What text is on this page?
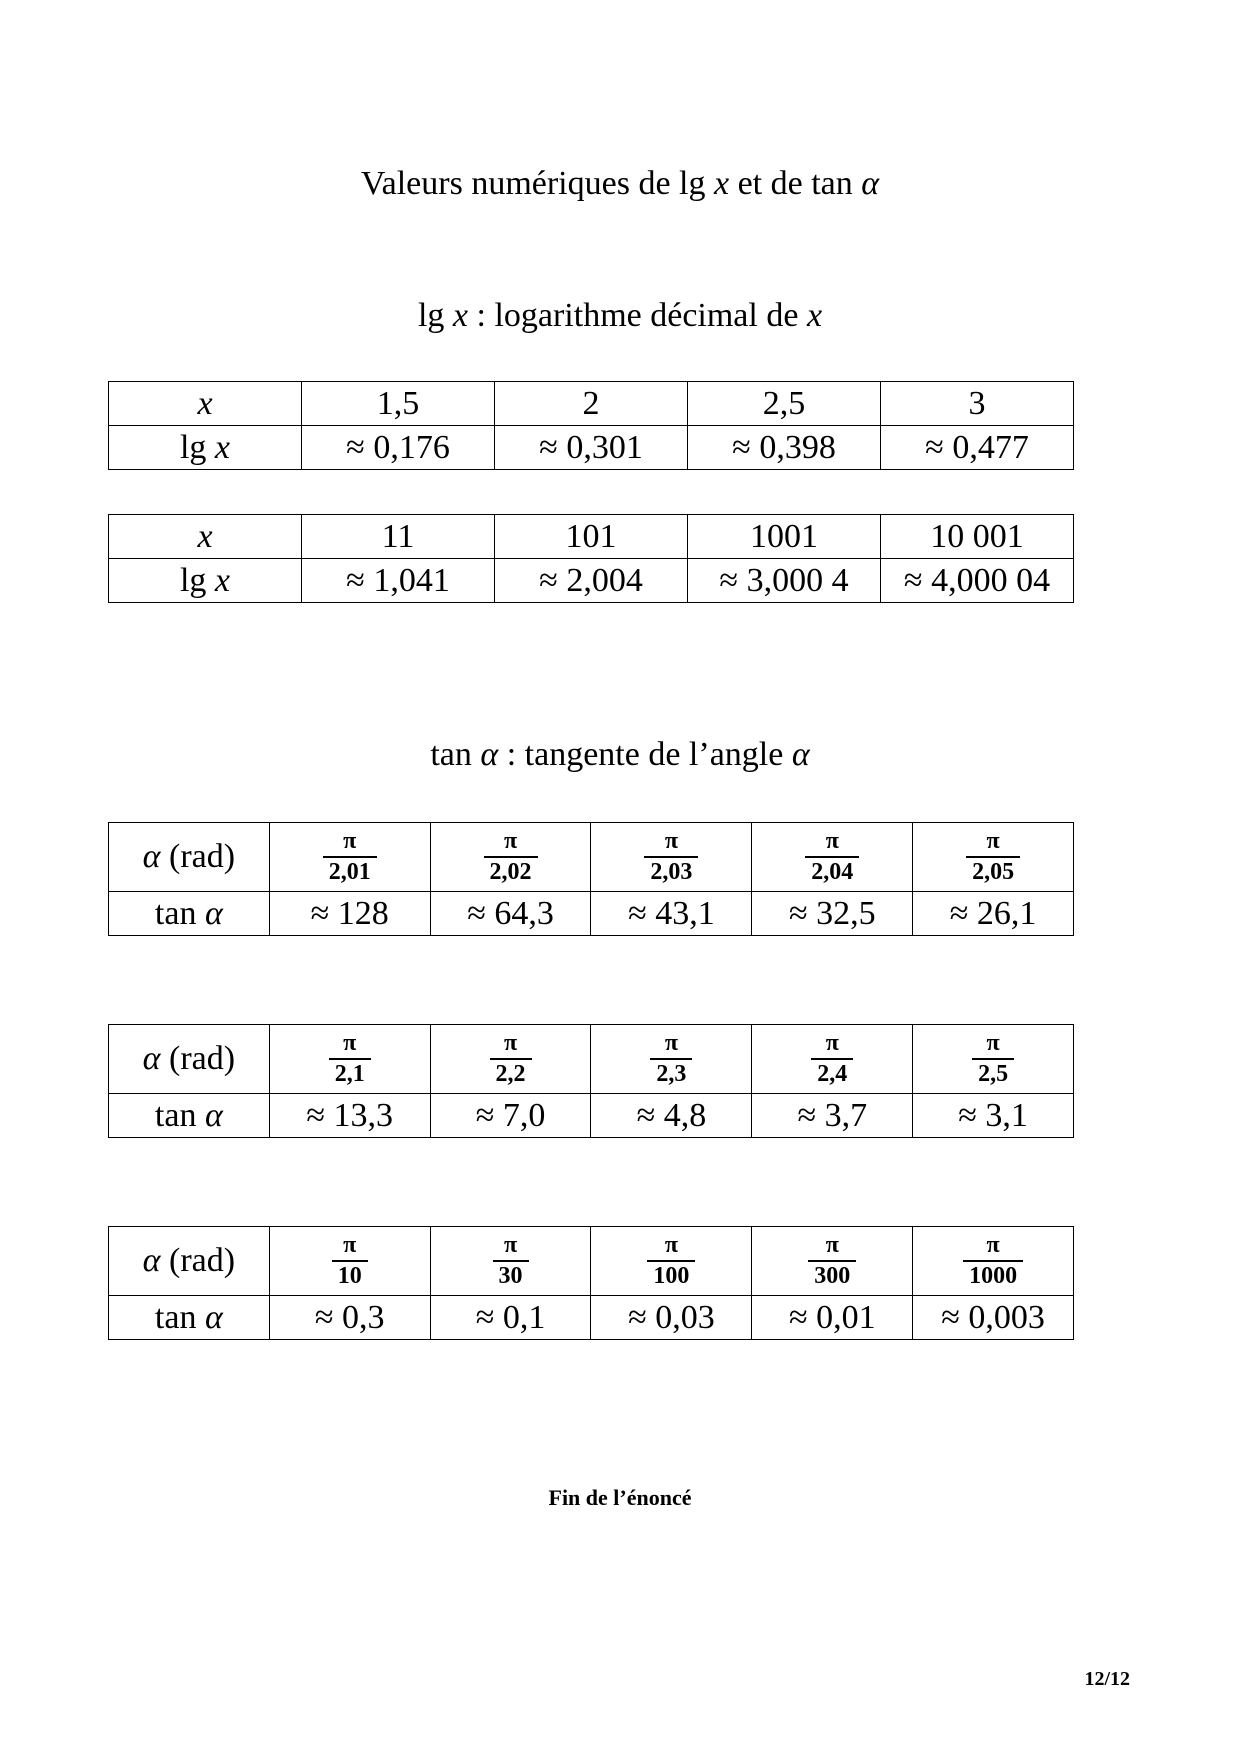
Valeurs numériques de lg x et de tan α
lg x : logarithme décimal de x
x	1,5	2	2,5	3
lg x	≈ 0,176	≈ 0,301	≈ 0,398	≈ 0,477
x	11	101	1001	10 001
lg x	≈ 1,041	≈ 2,004	≈ 3,000 4	≈ 4,000 04
tan α : tangente de l’angle α
α (rad)	$\frac{\pi}{2,01}$	$\frac{\pi}{2,02}$	$\frac{\pi}{2,03}$	$\frac{\pi}{2,04}$	$\frac{\pi}{2,05}$

tan α	≈ 128	≈ 64,3	≈ 43,1	≈ 32,5	≈ 26,1
α (rad)	$\frac{\pi}{2,1}$	$\frac{\pi}{2,2}$	$\frac{\pi}{2,3}$	$\frac{\pi}{2,4}$	$\frac{\pi}{2,5}$

tan α	≈ 13,3	≈ 7,0	≈ 4,8	≈ 3,7	≈ 3,1
α (rad)	$\frac{\pi}{10}$	$\frac{\pi}{30}$	$\frac{\pi}{100}$	$\frac{\pi}{300}$	$\frac{\pi}{1000}$

tan α	≈ 0,3	≈ 0,1	≈ 0,03	≈ 0,01	≈ 0,003
Fin de l’énoncé
12/12
